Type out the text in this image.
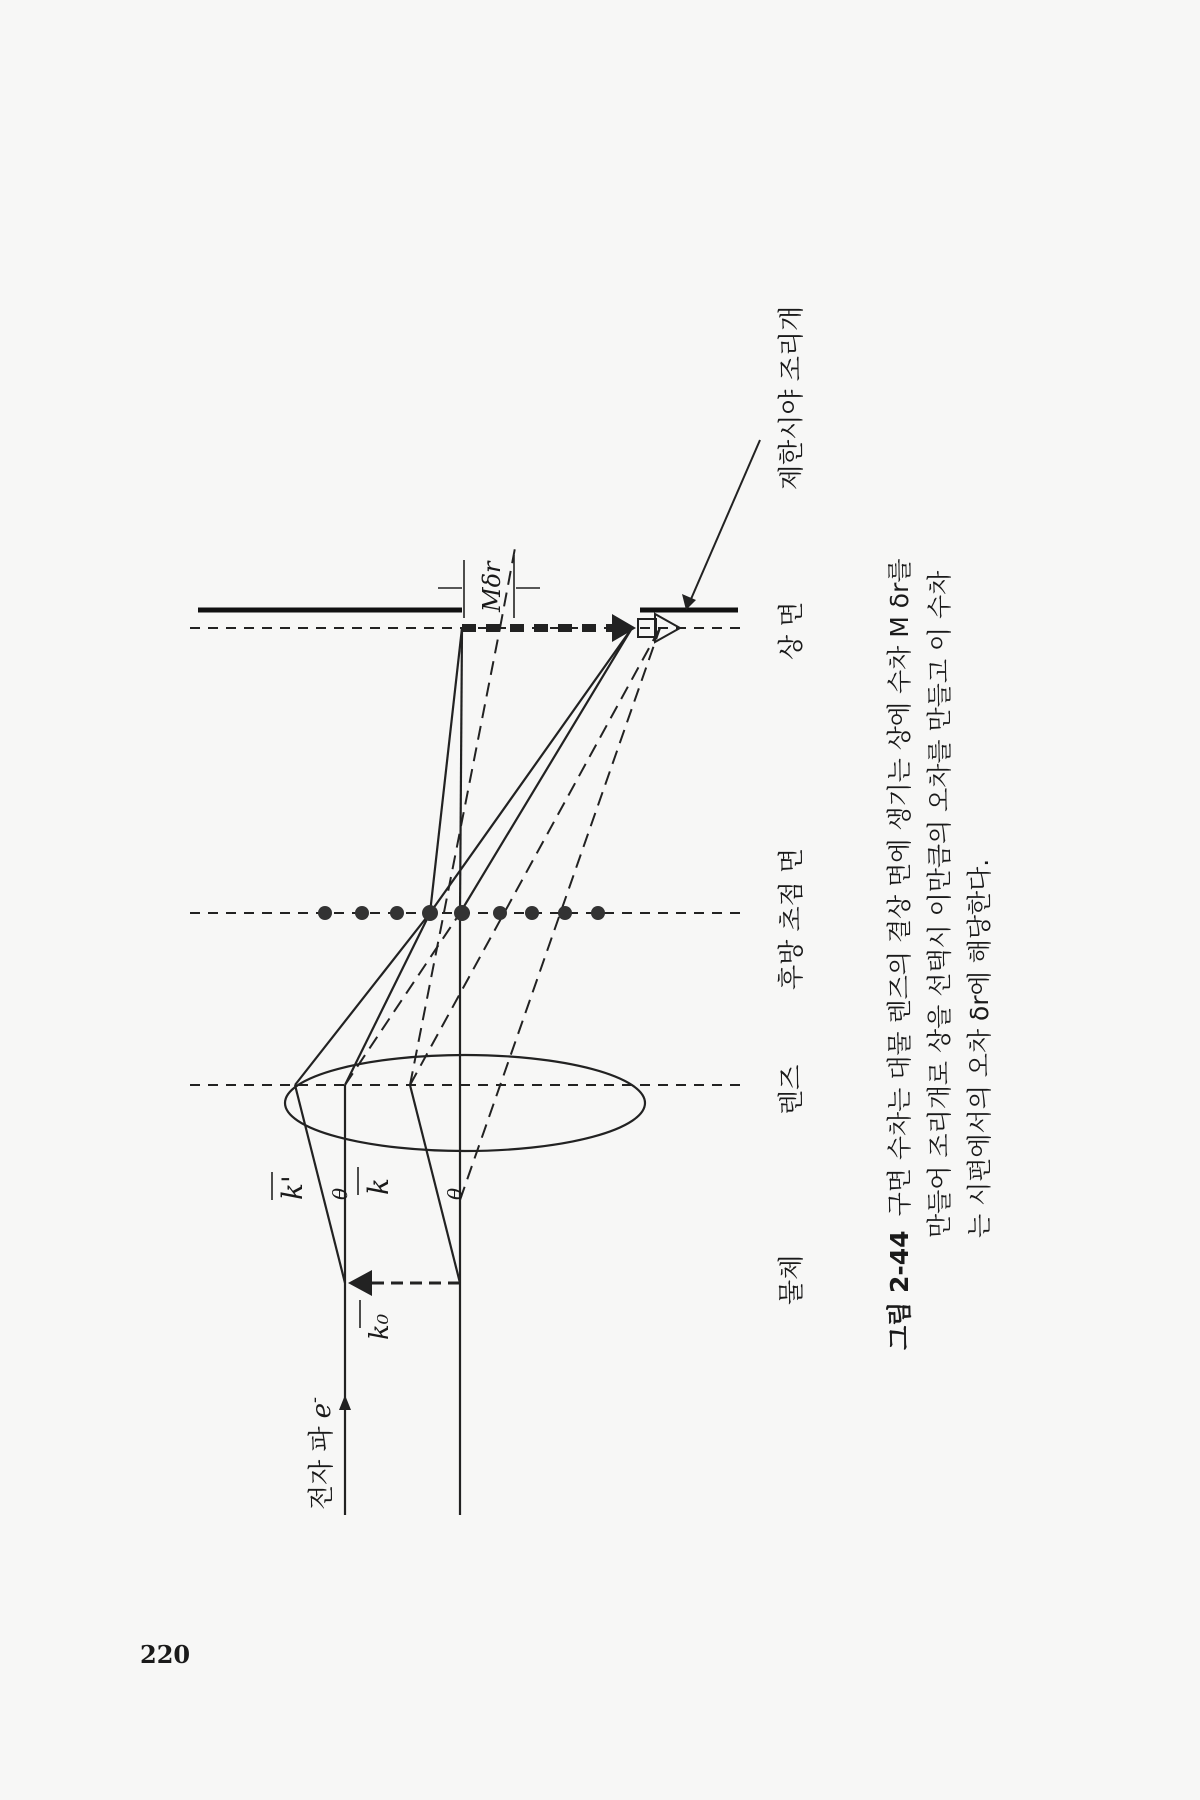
220
Mδr
k₀
k' k
θ	θ
전자 파e-
물체
렌즈
후방 초점 면
상 면
제한시야 조리개

그림 2-44구면 수차는 대물 렌즈의 결상 면에 생기는 상에 수차 M δr를 만들어 조리개로 상을 선택시 이만큼의 오차를 만들고 이 수차 는 시편에서의 오차 δr에 해당한다.
